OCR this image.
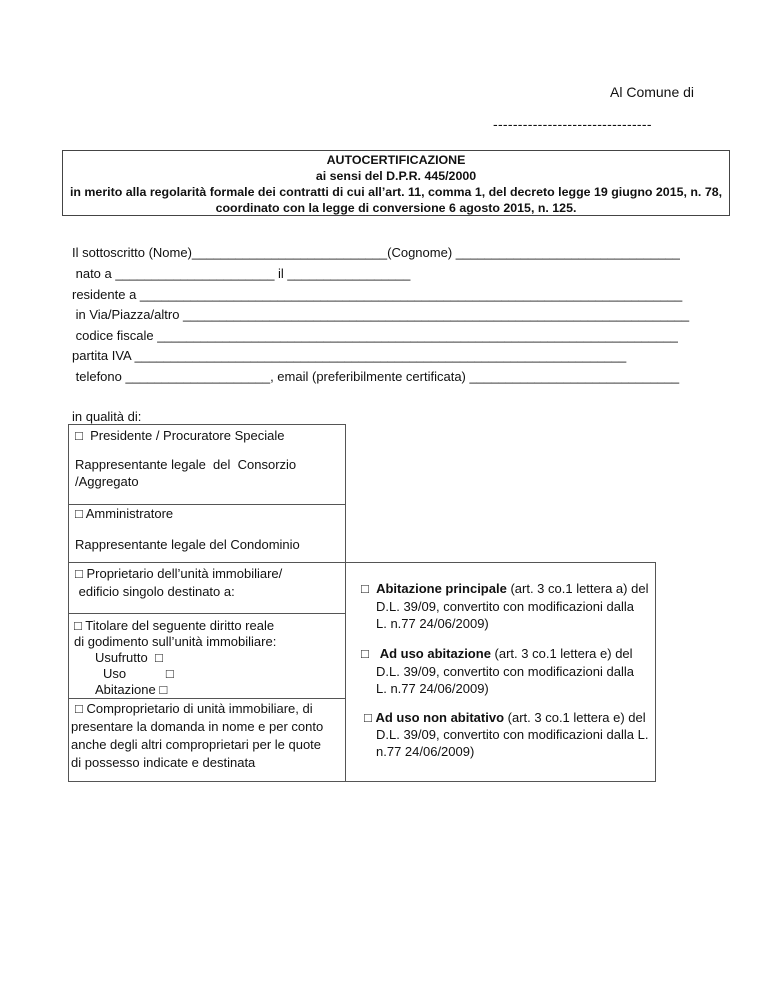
Al Comune di
--------------------------------
AUTOCERTIFICAZIONE
ai sensi del D.P.R. 445/2000
in merito alla regolarità formale dei contratti di cui all’art. 11, comma 1, del decreto legge 19 giugno 2015, n. 78,
coordinato con la legge di conversione 6 agosto 2015, n. 125.
Il sottoscritto (Nome)___________________________(Cognome) _______________________________
nato a ______________________ il _________________
residente a ___________________________________________________________________________
in Via/Piazza/altro ______________________________________________________________________
codice fiscale ________________________________________________________________________
partita IVA ____________________________________________________________________
telefono ____________________, email (preferibilmente certificata) _____________________________
in qualità di:
□  Presidente / Procuratore Speciale
Rappresentante legale  del  Consorzio
/Aggregato
□ Amministratore
Rappresentante legale del Condominio
□ Proprietario dell’unità immobiliare/
edificio singolo destinato a:
□ Titolare del seguente diritto reale
di godimento sull’unità immobiliare:
Usufrutto  □
Uso           □
Abitazione □
□ Comproprietario di unità immobiliare, di
presentare la domanda in nome e per conto
anche degli altri comproprietari per le quote
di possesso indicate e destinata
□  Abitazione principale (art. 3 co.1 lettera a) del
D.L. 39/09, convertito con modificazioni dalla
L. n.77 24/06/2009)
□   Ad uso abitazione (art. 3 co.1 lettera e) del
D.L. 39/09, convertito con modificazioni dalla
L. n.77 24/06/2009)
□ Ad uso non abitativo (art. 3 co.1 lettera e) del
D.L. 39/09, convertito con modificazioni dalla L.
n.77 24/06/2009)
